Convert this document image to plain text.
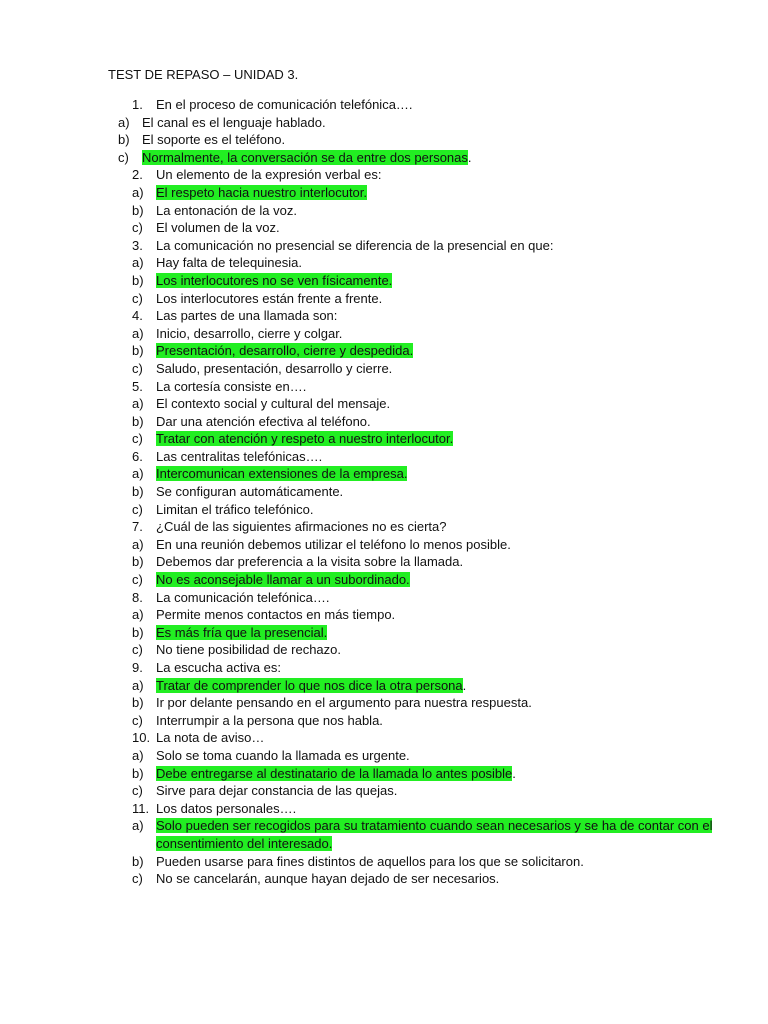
TEST DE REPASO – UNIDAD 3.
1. En el proceso de comunicación telefónica….
a) El canal es el lenguaje hablado.
b) El soporte es el teléfono.
c) Normalmente, la conversación se da entre dos personas.
2. Un elemento de la expresión verbal es:
a) El respeto hacia nuestro interlocutor.
b) La entonación de la voz.
c) El volumen de la voz.
3. La comunicación no presencial se diferencia de la presencial en que:
a) Hay falta de telequinesia.
b) Los interlocutores no se ven físicamente.
c) Los interlocutores están frente a frente.
4. Las partes de una llamada son:
a) Inicio, desarrollo, cierre y colgar.
b) Presentación, desarrollo, cierre y despedida.
c) Saludo, presentación, desarrollo y cierre.
5. La cortesía consiste en….
a) El contexto social y cultural del mensaje.
b) Dar una atención efectiva al teléfono.
c) Tratar con atención y respeto a nuestro interlocutor.
6. Las centralitas telefónicas….
a) Intercomunican extensiones de la empresa.
b) Se configuran automáticamente.
c) Limitan el tráfico telefónico.
7. ¿Cuál de las siguientes afirmaciones no es cierta?
a) En una reunión debemos utilizar el teléfono lo menos posible.
b) Debemos dar preferencia a la visita sobre la llamada.
c) No es aconsejable llamar a un subordinado.
8. La comunicación telefónica….
a) Permite menos contactos en más tiempo.
b) Es más fría que la presencial.
c) No tiene posibilidad de rechazo.
9. La escucha activa es:
a) Tratar de comprender lo que nos dice la otra persona.
b) Ir por delante pensando en el argumento para nuestra respuesta.
c) Interrumpir a la persona que nos habla.
10. La nota de aviso…
a) Solo se toma cuando la llamada es urgente.
b) Debe entregarse al destinatario de la llamada lo antes posible.
c) Sirve para dejar constancia de las quejas.
11. Los datos personales….
a) Solo pueden ser recogidos para su tratamiento cuando sean necesarios y se ha de contar con el
consentimiento del interesado.
b) Pueden usarse para fines distintos de aquellos para los que se solicitaron.
c) No se cancelarán, aunque hayan dejado de ser necesarios.
